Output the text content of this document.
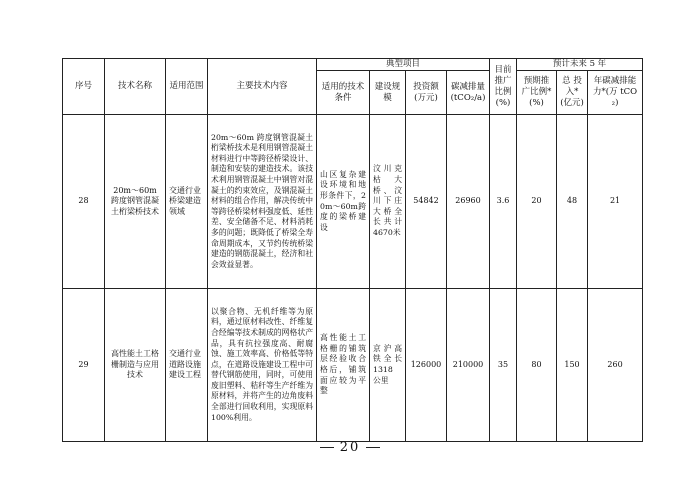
序号	技术名称	适用范围	主要技术内容	典型项目				目前推广比例(%)	预计未来 5 年		
				适用的技术条件	建设规模	投资额(万元)	碳减排量(tCO₂/a)		预期推广比例*(%)	总 投入*(亿元)	年碳减排能力*(万 tCO₂)
28	20m～60m 跨度钢管混凝土桁梁桥技术	交通行业桥梁建造领域	20m～60m 跨度钢管混凝土桁梁桥技术是利用钢管混凝土材料进行中等跨径桥梁设计、制造和安装的建造技术。该技术利用钢管混凝土中钢管对混凝土的约束效应，及钢混凝土材料的组合作用，解决传统中等跨径桥梁材料强度低、延性差、安全储备不足、材料消耗多的问题；既降低了桥梁全寿命周期成本，又节约传统桥梁建造的钢筋混凝土，经济和社会效益显著。	山区复杂建设环境和地形条件下，20m～60m跨度的梁桥建设	汶川克枯大桥、汶川下庄大桥全长共计 4670米	54842	26960	3.6	20	48	21
29	高性能土工格栅制造与应用技术	交通行业道路设施建设工程	以聚合物、无机纤维等为原料，通过原材料改性、纤维复合经编等技术制成的网格状产品，具有抗拉强度高、耐腐蚀、施工效率高、价格低等特点，在道路设施建设工程中可替代钢筋使用，同时，可使用废旧塑料、秸秆等生产纤维为原材料，并将产生的边角废料全部进行回收利用，实现原料 100%利用。	高性能土工格栅的铺筑层经验收合格后，铺筑面应较为平整	京沪高铁全长 1318 公里	126000	210000	35	80	150	260
20
